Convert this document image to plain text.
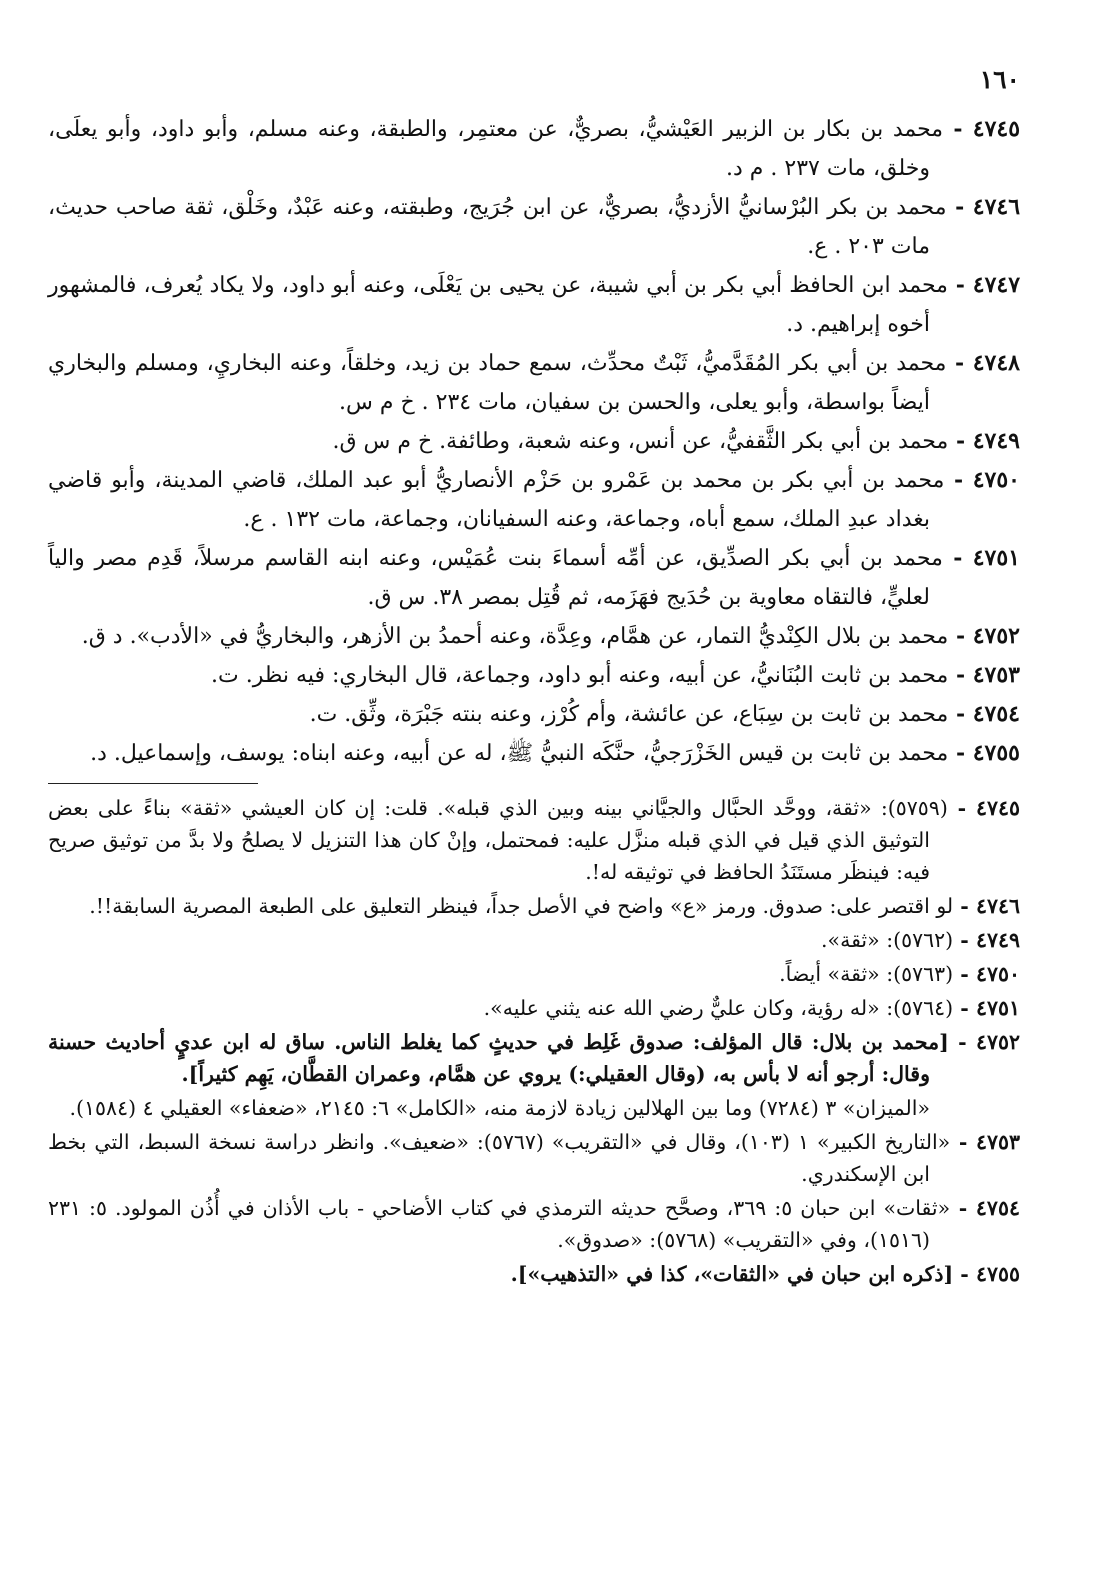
١٦٠

٤٧٤٥ - محمد بن بكار بن الزبير العَيْشيُّ، بصريٌّ، عن معتمِر، والطبقة، وعنه مسلم، وأبو داود، وأبو يعلَى، وخلق، مات ٢٣٧ . م د.

٤٧٤٦ - محمد بن بكر البُرْسانيُّ الأزديُّ، بصريٌّ، عن ابن جُرَيج، وطبقته، وعنه عَبْدٌ، وخَلْق، ثقة صاحب حديث، مات ٢٠٣ . ع.

٤٧٤٧ - محمد ابن الحافظ أبي بكر بن أبي شيبة، عن يحيى بن يَعْلَى، وعنه أبو داود، ولا يكاد يُعرف، فالمشهور أخوه إبراهيم. د.

٤٧٤٨ - محمد بن أبي بكر المُقَدَّميُّ، ثَبْتٌ محدِّث، سمع حماد بن زيد، وخلقاً، وعنه البخاريِ، ومسلم والبخاري أيضاً بواسطة، وأبو يعلى، والحسن بن سفيان، مات ٢٣٤ . خ م س.

٤٧٤٩ - محمد بن أبي بكر الثَّقفيُّ، عن أنس، وعنه شعبة، وطائفة. خ م س ق.

٤٧٥٠ - محمد بن أبي بكر بن محمد بن عَمْرو بن حَزْم الأنصاريُّ أبو عبد الملك، قاضي المدينة، وأبو قاضي بغداد عبدِ الملك، سمع أباه، وجماعة، وعنه السفيانان، وجماعة، مات ١٣٢ . ع.

٤٧٥١ - محمد بن أبي بكر الصدِّيق، عن أمِّه أسماءَ بنت عُمَيْس، وعنه ابنه القاسم مرسلاً، قَدِم مصر والياً لعليٍّ، فالتقاه معاوية بن حُدَيج فهَزَمه، ثم قُتِل بمصر ٣٨. س ق.

٤٧٥٢ - محمد بن بلال الكِنْديُّ التمار، عن همَّام، وعِدَّة، وعنه أحمدُ بن الأزهر، والبخاريُّ في «الأدب». د ق.

٤٧٥٣ - محمد بن ثابت البُنَانيُّ، عن أبيه، وعنه أبو داود، وجماعة، قال البخاري: فيه نظر. ت.

٤٧٥٤ - محمد بن ثابت بن سِبَاع، عن عائشة، وأم كُرْز، وعنه بنته جَبْرَة، وثِّق. ت.

٤٧٥٥ - محمد بن ثابت بن قيس الخَزْرَجيُّ، حنَّكَه النبيُّ ﷺ، له عن أبيه، وعنه ابناه: يوسف، وإسماعيل. د.

٤٧٤٥ - (٥٧٥٩): «ثقة، ووحَّد الحبَّال والجيَّاني بينه وبين الذي قبله». قلت: إن كان العيشي «ثقة» بناءً على بعض التوثيق الذي قيل في الذي قبله منزَّل عليه: فمحتمل، وإنْ كان هذا التنزيل لا يصلحُ ولا بدَّ من توثيق صريح فيه: فينظَر مستَنَدُ الحافظ في توثيقه له!.

٤٧٤٦ - لو اقتصر على: صدوق. ورمز «ع» واضح في الأصل جداً، فينظر التعليق على الطبعة المصرية السابقة!!.

٤٧٤٩ - (٥٧٦٢): «ثقة».

٤٧٥٠ - (٥٧٦٣): «ثقة» أيضاً.

٤٧٥١ - (٥٧٦٤): «له رؤية، وكان عليٌّ رضي الله عنه يثني عليه».

٤٧٥٢ - [محمد بن بلال: قال المؤلف: صدوق غَلِط في حديثٍ كما يغلط الناس. ساق له ابن عديٍ أحاديث حسنة وقال: أرجو أنه لا بأس به، (وقال العقيلي:) يروي عن همَّام، وعمران القطَّان، يَهِم كثيراً].

«الميزان» ٣ (٧٢٨٤) وما بين الهلالين زيادة لازمة منه، «الكامل» ٦: ٢١٤٥، «ضعفاء» العقيلي ٤ (١٥٨٤).

٤٧٥٣ - «التاريخ الكبير» ١ (١٠٣)، وقال في «التقريب» (٥٧٦٧): «ضعيف». وانظر دراسة نسخة السبط، التي بخط ابن الإسكندري.

٤٧٥٤ - «ثقات» ابن حبان ٥: ٣٦٩، وصحَّح حديثه الترمذي في كتاب الأضاحي - باب الأذان في أُذُن المولود. ٥: ٢٣١ (١٥١٦)، وفي «التقريب» (٥٧٦٨): «صدوق».

٤٧٥٥ - [ذكره ابن حبان في «الثقات»، كذا في «التذهيب»].
